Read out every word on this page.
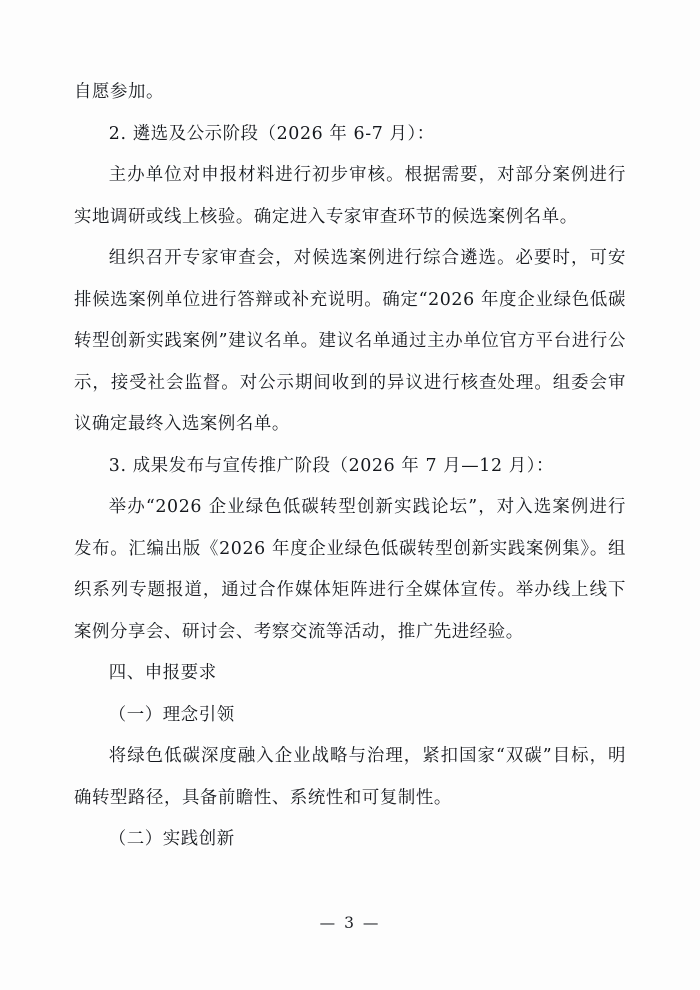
自愿参加。

2. 遴选及公示阶段（2026 年 6-7 月）：

主办单位对申报材料进行初步审核。根据需要，对部分案例进行实地调研或线上核验。确定进入专家审查环节的候选案例名单。

组织召开专家审查会，对候选案例进行综合遴选。必要时，可安排候选案例单位进行答辩或补充说明。确定“2026 年度企业绿色低碳转型创新实践案例”建议名单。建议名单通过主办单位官方平台进行公示，接受社会监督。对公示期间收到的异议进行核查处理。组委会审议确定最终入选案例名单。

3. 成果发布与宣传推广阶段（2026 年 7 月—12 月）：

举办“2026 企业绿色低碳转型创新实践论坛”，对入选案例进行发布。汇编出版《2026 年度企业绿色低碳转型创新实践案例集》。组织系列专题报道，通过合作媒体矩阵进行全媒体宣传。举办线上线下案例分享会、研讨会、考察交流等活动，推广先进经验。

四、申报要求

（一）理念引领

将绿色低碳深度融入企业战略与治理，紧扣国家“双碳”目标，明确转型路径，具备前瞻性、系统性和可复制性。

（二）实践创新

— 3 —
